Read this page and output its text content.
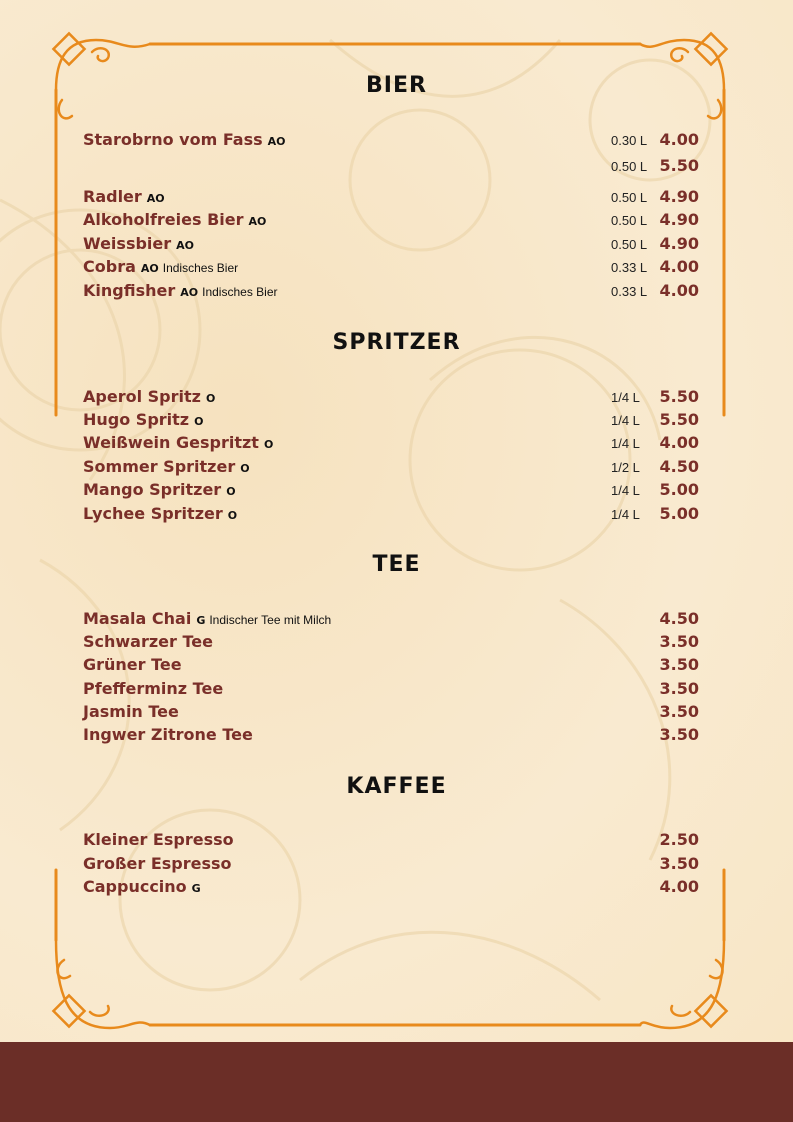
BIER
Starobrno vom Fass AO	0.30 L 4.00
0.50 L 5.50
Radler AO	0.50 L 4.90
Alkoholfreies Bier AO	0.50 L 4.90
Weissbier AO	0.50 L 4.90
Cobra AO Indisches Bier	0.33 L 4.00
Kingfisher AO Indisches Bier	0.33 L 4.00
SPRITZER
Aperol Spritz O	1/4 L 5.50
Hugo Spritz O	1/4 L 5.50
Weißwein Gespritzt O	1/4 L 4.00
Sommer Spritzer O	1/2 L 4.50
Mango Spritzer O	1/4 L 5.00
Lychee Spritzer O	1/4 L 5.00
TEE
Masala Chai G Indischer Tee mit Milch	4.50
Schwarzer Tee	3.50
Grüner Tee	3.50
Pfefferminz Tee	3.50
Jasmin Tee	3.50
Ingwer Zitrone Tee	3.50
KAFFEE
Kleiner Espresso	2.50
Großer Espresso	3.50
Cappuccino G	4.00
